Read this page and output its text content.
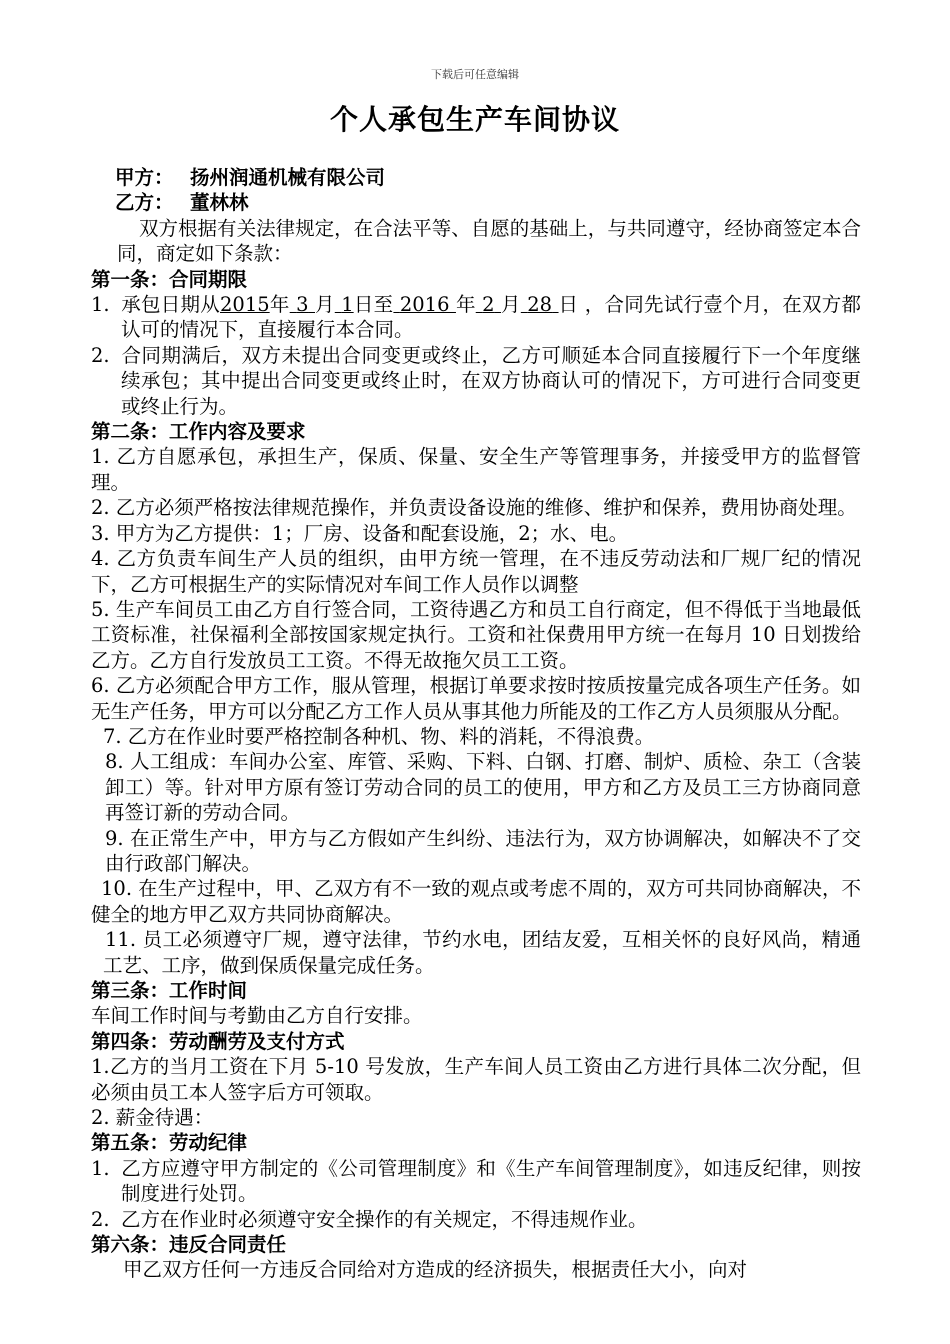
下载后可任意编辑
个人承包生产车间协议

甲方： 扬州润通机械有限公司

乙方： 董林林

双方根据有关法律规定，在合法平等、自愿的基础上，与共同遵守，经协商签定本合同，商定如下条款：

第一条：合同期限

1. 承包日期从2015年 3 月 1日至 2016 年 2 月 28 日 ，合同先试行壹个月，在双方都认可的情况下，直接履行本合同。

2. 合同期满后，双方未提出合同变更或终止，乙方可顺延本合同直接履行下一个年度继续承包；其中提出合同变更或终止时，在双方协商认可的情况下，方可进行合同变更或终止行为。

第二条：工作内容及要求

1. 乙方自愿承包，承担生产，保质、保量、安全生产等管理事务，并接受甲方的监督管理。

2. 乙方必须严格按法律规范操作，并负责设备设施的维修、维护和保养，费用协商处理。

3. 甲方为乙方提供：1；厂房、设备和配套设施，2；水、电。

4. 乙方负责车间生产人员的组织，由甲方统一管理，在不违反劳动法和厂规厂纪的情况下，乙方可根据生产的实际情况对车间工作人员作以调整

5. 生产车间员工由乙方自行签合同，工资待遇乙方和员工自行商定，但不得低于当地最低工资标准，社保福利全部按国家规定执行。工资和社保费用甲方统一在每月 10 日划拨给乙方。乙方自行发放员工工资。不得无故拖欠员工工资。

6. 乙方必须配合甲方工作，服从管理，根据订单要求按时按质按量完成各项生产任务。如无生产任务，甲方可以分配乙方工作人员从事其他力所能及的工作乙方人员须服从分配。

7. 乙方在作业时要严格控制各种机、物、料的消耗，不得浪费。

8. 人工组成：车间办公室、库管、采购、下料、白钢、打磨、制炉、质检、杂工（含装卸工）等。针对甲方原有签订劳动合同的员工的使用，甲方和乙方及员工三方协商同意再签订新的劳动合同。

9. 在正常生产中，甲方与乙方假如产生纠纷、违法行为，双方协调解决，如解决不了交由行政部门解决。

10. 在生产过程中，甲、乙双方有不一致的观点或考虑不周的，双方可共同协商解决，不健全的地方甲乙双方共同协商解决。

11. 员工必须遵守厂规，遵守法律，节约水电，团结友爱，互相关怀的良好风尚，精通工艺、工序，做到保质保量完成任务。

第三条：工作时间

车间工作时间与考勤由乙方自行安排。

第四条：劳动酬劳及支付方式

1.乙方的当月工资在下月 5-10 号发放，生产车间人员工资由乙方进行具体二次分配，但必须由员工本人签字后方可领取。

2. 薪金待遇：

第五条：劳动纪律

1. 乙方应遵守甲方制定的《公司管理制度》和《生产车间管理制度》，如违反纪律，则按制度进行处罚。

2. 乙方在作业时必须遵守安全操作的有关规定，不得违规作业。

第六条：违反合同责任

甲乙双方任何一方违反合同给对方造成的经济损失，根据责任大小，向对
